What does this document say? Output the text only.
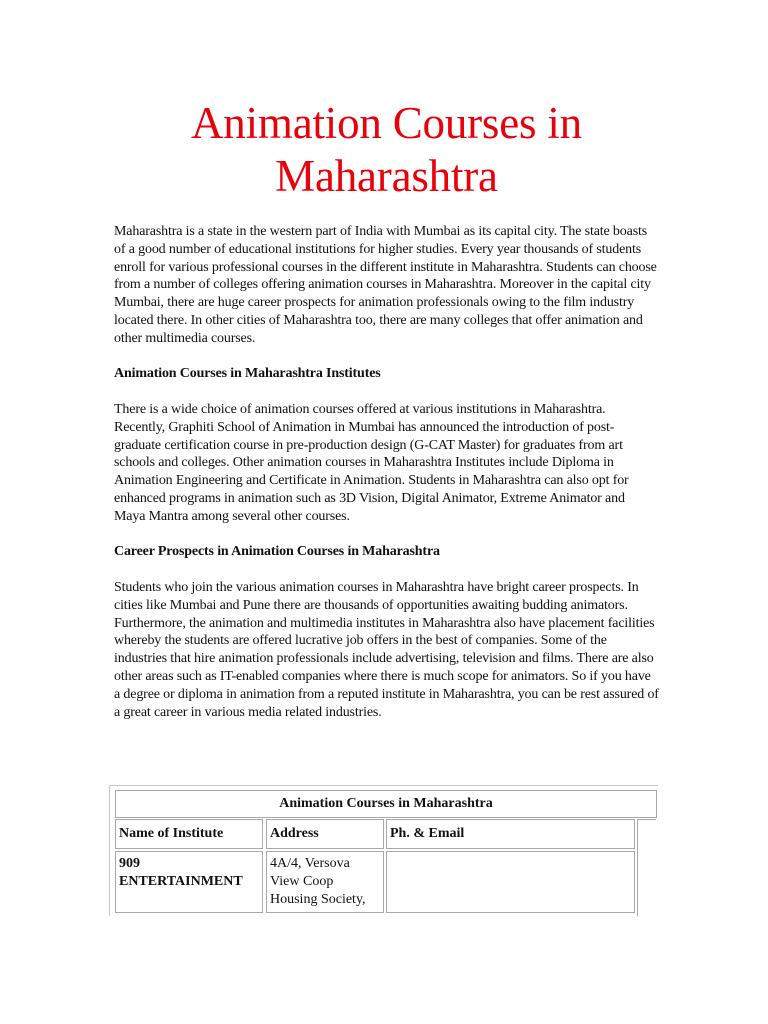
Animation Courses in
Maharashtra

Maharashtra is a state in the western part of India with Mumbai as its capital city. The state boasts of a good number of educational institutions for higher studies. Every year thousands of students enroll for various professional courses in the different institute in Maharashtra. Students can choose from a number of colleges offering animation courses in Maharashtra. Moreover in the capital city Mumbai, there are huge career prospects for animation professionals owing to the film industry located there. In other cities of Maharashtra too, there are many colleges that offer animation and other multimedia courses.

Animation Courses in Maharashtra Institutes

There is a wide choice of animation courses offered at various institutions in Maharashtra. Recently, Graphiti School of Animation in Mumbai has announced the introduction of post-graduate certification course in pre-production design (G-CAT Master) for graduates from art schools and colleges. Other animation courses in Maharashtra Institutes include Diploma in Animation Engineering and Certificate in Animation. Students in Maharashtra can also opt for enhanced programs in animation such as 3D Vision, Digital Animator, Extreme Animator and Maya Mantra among several other courses.

Career Prospects in Animation Courses in Maharashtra

Students who join the various animation courses in Maharashtra have bright career prospects. In cities like Mumbai and Pune there are thousands of opportunities awaiting budding animators. Furthermore, the animation and multimedia institutes in Maharashtra also have placement facilities whereby the students are offered lucrative job offers in the best of companies. Some of the industries that hire animation professionals include advertising, television and films. There are also other areas such as IT-enabled companies where there is much scope for animators. So if you have a degree or diploma in animation from a reputed institute in Maharashtra, you can be rest assured of a great career in various media related industries.

Animation Courses in Maharashtra
Name of Institute	Address	Ph. & Email
909
ENTERTAINMENT
4A/4, Versova
View Coop
Housing Society,
